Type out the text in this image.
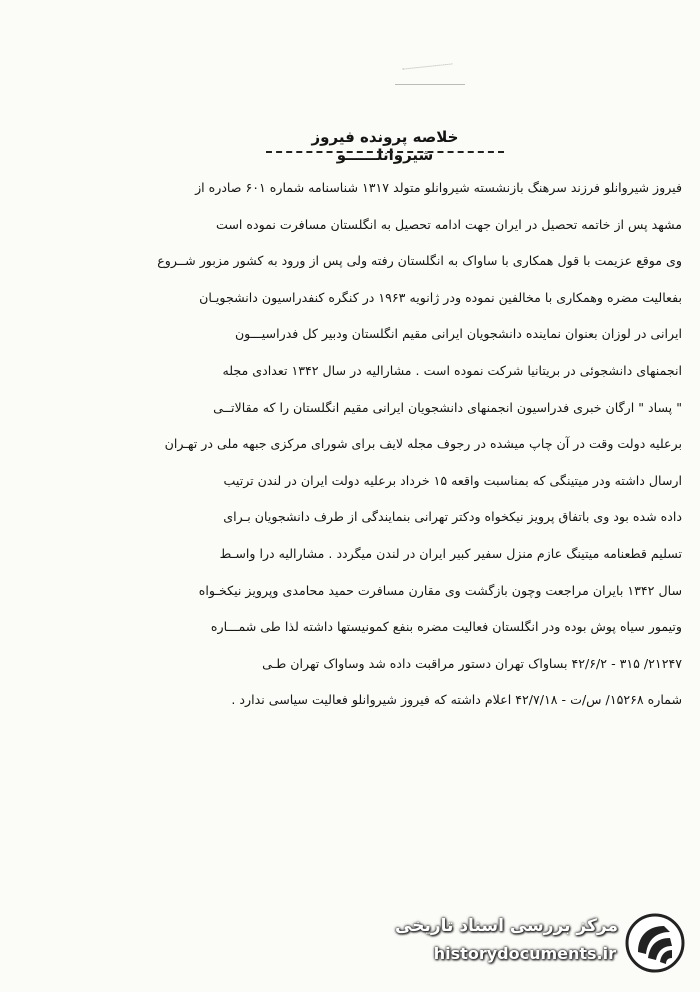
خلاصه پرونده فیروز شیروانلــــــو
فیروز شیروانلو فرزند سرهنگ بازنشسته شیروانلو متولد ۱۳۱۷ شناسنامه شماره ۶۰۱ صادره از
مشهد پس از خاتمه تحصیل در ایران جهت ادامه تحصیل به انگلستان مسافرت نموده است
وی موقع عزیمت با قول همکاری با ساواک به انگلستان رفته ولی پس از ورود به کشور مزبور شــروع
بفعالیت مضره وهمکاری با مخالفین نموده ودر ژانویه ۱۹۶۳ در کنگره کنفدراسیون دانشجویـان
ایرانی در لوزان بعنوان نماینده دانشجویان ایرانی مقیم انگلستان ودبیر کل فدراسیـــون
انجمنهای دانشجوئی در بریتانیا شرکت نموده است . مشارالیه در سال ۱۳۴۲ تعدادی مجله
" پساد " ارگان خبری فدراسیون انجمنهای دانشجویان ایرانی مقیم انگلستان را که مقالاتــی
برعلیه دولت وقت در آن چاپ میشده در رجوف مجله لایف برای شورای مرکزی جبهه ملی در تهـران
ارسال داشته ودر میتینگی که بمناسبت واقعه ۱۵ خرداد برعلیه دولت ایران در لندن ترتیب
داده شده بود وی باتفاق پرویز نیکخواه ودکتر تهرانی بنمایندگی از طرف دانشجویان بـرای
تسلیم قطعنامه میتینگ عازم منزل سفیر کبیر ایران در لندن میگردد . مشارالیه درا واسـط
سال ۱۳۴۲ بایران مراجعت وچون بازگشت وی مقارن مسافرت حمید محامدی وپرویز نیکخـواه
وتیمور سیاه پوش بوده ودر انگلستان فعالیت مضره بنفع کمونیستها داشته لذا طی شمـــاره
۲۱۲۴۷/ ۳۱۵ - ۴۲/۶/۲ بساواک تهران دستور مراقبت داده شد وساواک تهران طـی
شماره ۱۵۲۶۸/ س/ت - ۴۲/۷/۱۸ اعلام داشته که فیروز شیروانلو فعالیت سیاسی ندارد .
مرکز بررسی اسناد تاریخی
historydocuments.ir
